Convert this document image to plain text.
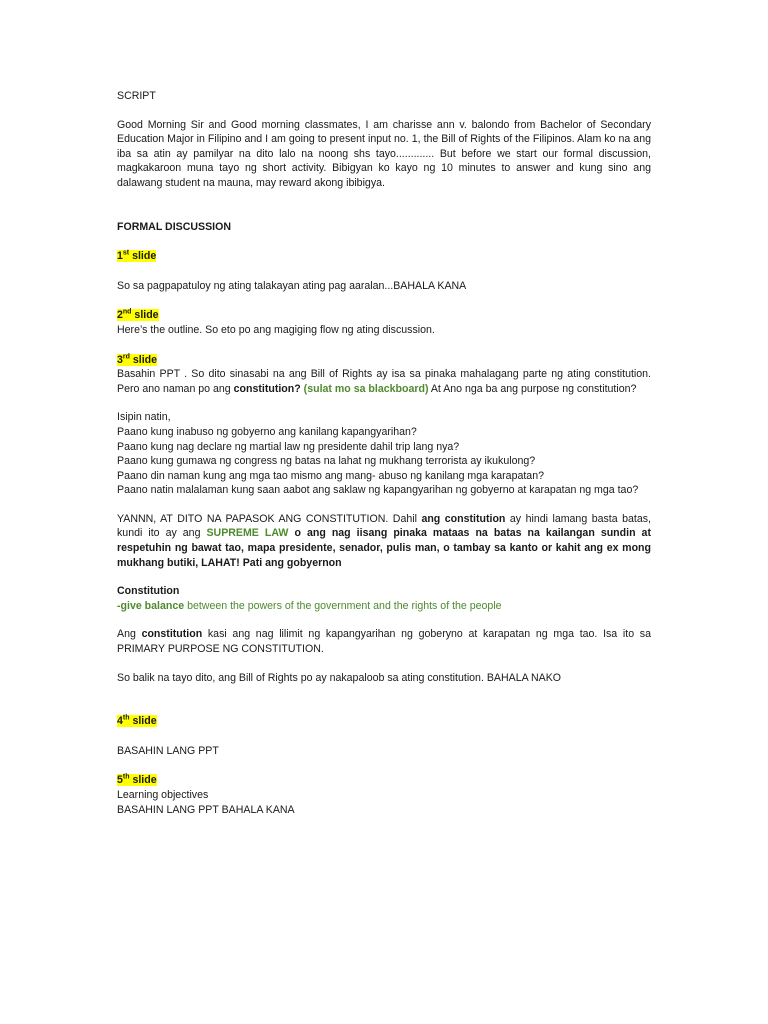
SCRIPT

Good Morning Sir and Good morning classmates, I am charisse ann v. balondo from Bachelor of Secondary Education Major in Filipino and I am going to present input no. 1, the Bill of Rights of the Filipinos. Alam ko na ang iba sa atin ay pamilyar na dito lalo na noong shs tayo............. But before we start our formal discussion, magkakaroon muna tayo ng short activity. Bibigyan ko kayo ng 10 minutes to answer and kung sino ang dalawang student na mauna, may reward akong ibibigya.

FORMAL DISCUSSION

1st slide

So sa pagpapatuloy ng ating talakayan ating pag aaralan...BAHALA KANA

2nd slide

Here’s the outline. So eto po ang magiging flow ng ating discussion.

3rd slide

Basahin PPT . So dito sinasabi na ang Bill of Rights ay isa sa pinaka mahalagang parte ng ating constitution. Pero ano naman po ang constitution? (sulat mo sa blackboard) At Ano nga ba ang purpose ng constitution?

Isipin natin,

Paano kung inabuso ng gobyerno ang kanilang kapangyarihan?

Paano kung nag declare ng martial law ng presidente dahil trip lang nya?

Paano kung gumawa ng congress ng batas na lahat ng mukhang terrorista ay ikukulong?

Paano din naman kung ang mga tao mismo ang mang- abuso ng kanilang mga karapatan?

Paano natin malalaman kung saan aabot ang saklaw ng kapangyarihan ng gobyerno at karapatan ng mga tao?

YANNN, AT DITO NA PAPASOK ANG CONSTITUTION. Dahil ang constitution ay hindi lamang basta batas, kundi ito ay ang SUPREME LAW o ang nag iisang pinaka mataas na batas na kailangan sundin at respetuhin ng bawat tao, mapa presidente, senador, pulis man, o tambay sa kanto or kahit ang ex mong mukhang butiki, LAHAT! Pati ang gobyernon

Constitution

-give balance between the powers of the government and the rights of the people

Ang constitution kasi ang nag lilimit ng kapangyarihan ng goberyno at karapatan ng mga tao. Isa ito sa PRIMARY PURPOSE NG CONSTITUTION.

So balik na tayo dito, ang Bill of Rights po ay nakapaloob sa ating constitution. BAHALA NAKO

4th slide

BASAHIN LANG PPT

5th slide

Learning objectives

BASAHIN LANG PPT BAHALA KANA
